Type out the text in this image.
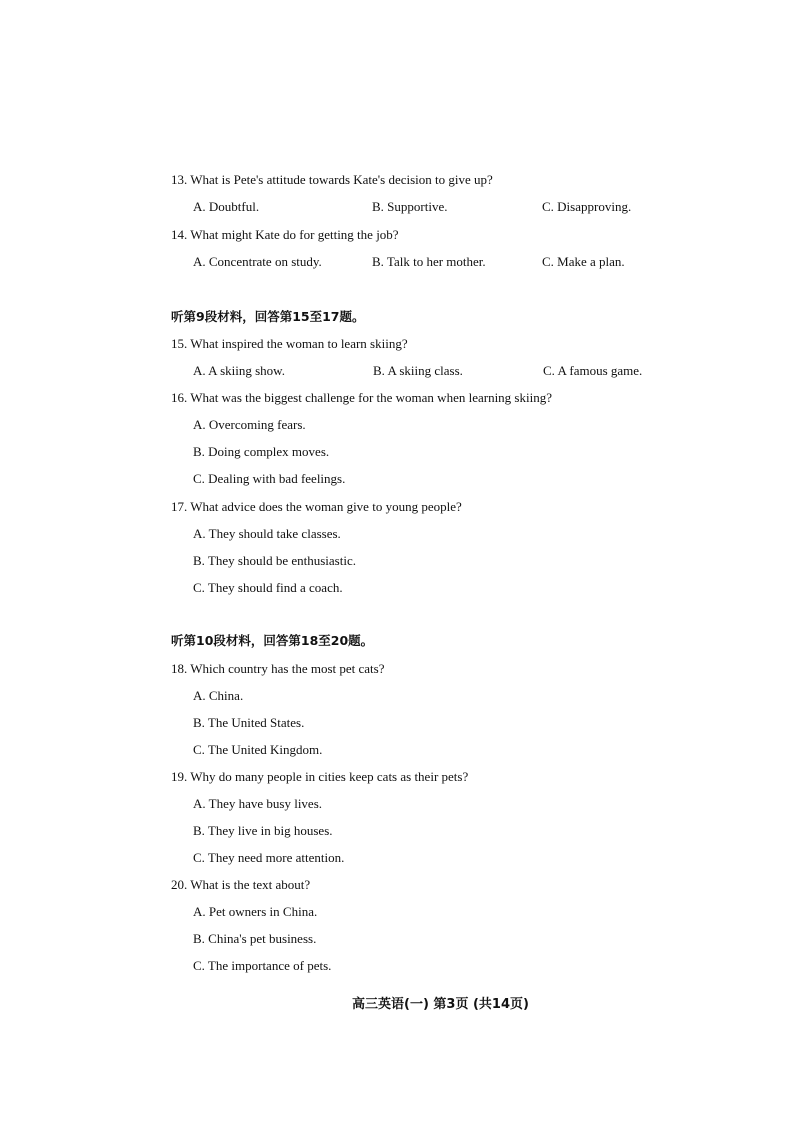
13. What is Pete's attitude towards Kate's decision to give up?
A. Doubtful.	B. Supportive.	C. Disapproving.
14. What might Kate do for getting the job?
A. Concentrate on study.	B. Talk to her mother.	C. Make a plan.
听第9段材料，回答第15至17题。
15. What inspired the woman to learn skiing?
A. A skiing show.	B. A skiing class.	C. A famous game.
16. What was the biggest challenge for the woman when learning skiing?
A. Overcoming fears.
B. Doing complex moves.
C. Dealing with bad feelings.
17. What advice does the woman give to young people?
A. They should take classes.
B. They should be enthusiastic.
C. They should find a coach.
听第10段材料，回答第18至20题。
18. Which country has the most pet cats?
A. China.
B. The United States.
C. The United Kingdom.
19. Why do many people in cities keep cats as their pets?
A. They have busy lives.
B. They live in big houses.
C. They need more attention.
20. What is the text about?
A. Pet owners in China.
B. China's pet business.
C. The importance of pets.
高三英语(一) 第3页 (共14页)
